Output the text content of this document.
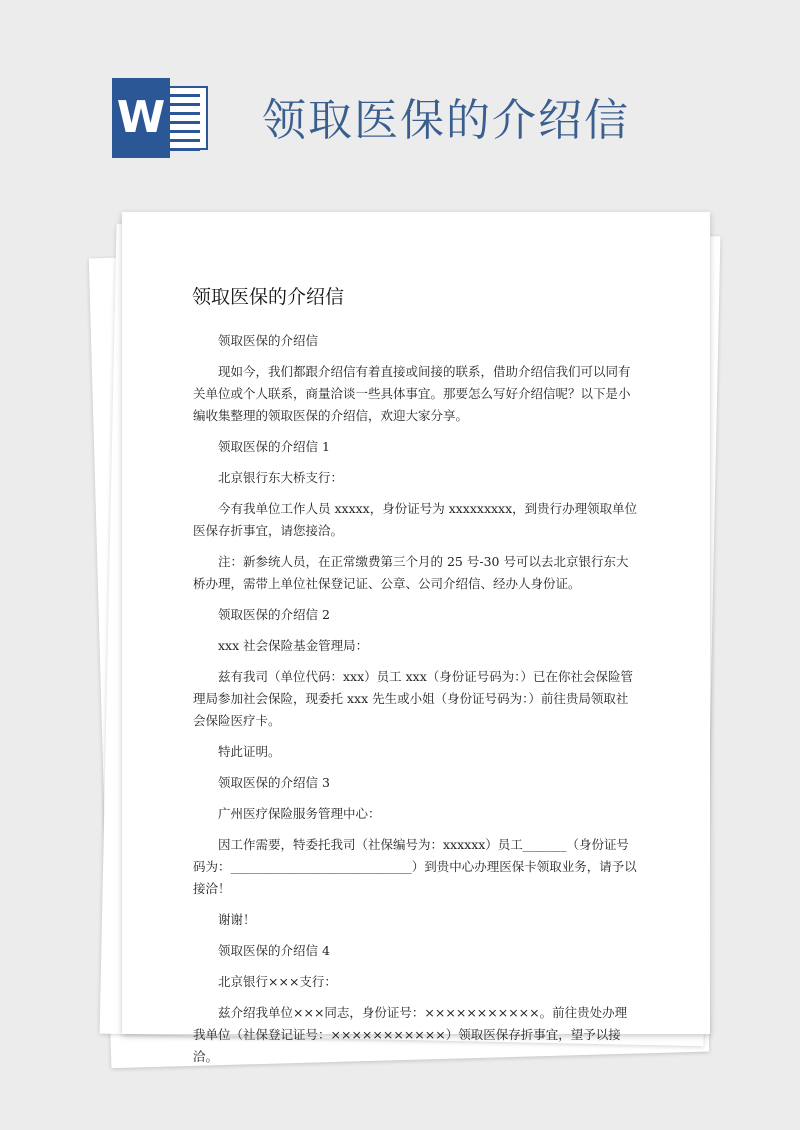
W 领取医保的介绍信
领取医保的介绍信

领取医保的介绍信

现如今，我们都跟介绍信有着直接或间接的联系，借助介绍信我们可以同有关单位或个人联系，商量洽谈一些具体事宜。那要怎么写好介绍信呢？以下是小编收集整理的领取医保的介绍信，欢迎大家分享。

领取医保的介绍信 1

北京银行东大桥支行：

今有我单位工作人员 xxxxx，身份证号为 xxxxxxxxx，到贵行办理领取单位医保存折事宜，请您接洽。

注：新参统人员，在正常缴费第三个月的 25 号-30 号可以去北京银行东大桥办理，需带上单位社保登记证、公章、公司介绍信、经办人身份证。

领取医保的介绍信 2

xxx 社会保险基金管理局：

兹有我司（单位代码：xxx）员工 xxx（身份证号码为：）已在你社会保险管理局参加社会保险，现委托 xxx 先生或小姐（身份证号码为：）前往贵局领取社会保险医疗卡。

特此证明。

领取医保的介绍信 3

广州医疗保险服务管理中心：

因工作需要，特委托我司（社保编号为：xxxxxx）员工_______（身份证号码为：_____________________________）到贵中心办理医保卡领取业务，请予以接洽！

谢谢！

领取医保的介绍信 4

北京银行×××支行：

兹介绍我单位×××同志，身份证号：×××××××××××。前往贵处办理我单位（社保登记证号：×××××××××××）领取医保存折事宜，望予以接洽。
